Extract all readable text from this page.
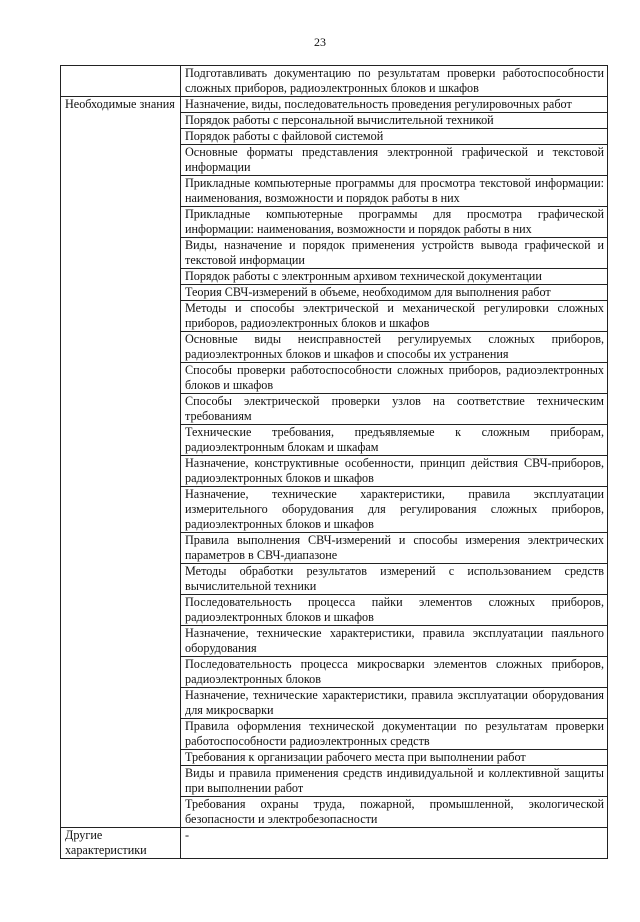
23

	Подготавливать документацию по результатам проверки работоспособности сложных приборов, радиоэлектронных блоков и шкафов

Необходимые знания	Назначение, виды, последовательность проведения регулировочных работ

	Порядок работы с персональной вычислительной техникой

	Порядок работы с файловой системой

	Основные форматы представления электронной графической и текстовой информации

	Прикладные компьютерные программы для просмотра текстовой информации: наименования, возможности и порядок работы в них

	Прикладные компьютерные программы для просмотра графической информации: наименования, возможности и порядок работы в них

	Виды, назначение и порядок применения устройств вывода графической и текстовой информации

	Порядок работы с электронным архивом технической документации

	Теория СВЧ-измерений в объеме, необходимом для выполнения работ

	Методы и способы электрической и механической регулировки сложных приборов, радиоэлектронных блоков и шкафов

	Основные виды неисправностей регулируемых сложных приборов, радиоэлектронных блоков и шкафов и способы их устранения

	Способы проверки работоспособности сложных приборов, радиоэлектронных блоков и шкафов

	Способы электрической проверки узлов на соответствие техническим требованиям

	Технические требования, предъявляемые к сложным приборам, радиоэлектронным блокам и шкафам

	Назначение, конструктивные особенности, принцип действия СВЧ-приборов, радиоэлектронных блоков и шкафов

	Назначение, технические характеристики, правила эксплуатации измерительного оборудования для регулирования сложных приборов, радиоэлектронных блоков и шкафов

	Правила выполнения СВЧ-измерений и способы измерения электрических параметров в СВЧ-диапазоне

	Методы обработки результатов измерений с использованием средств вычислительной техники

	Последовательность процесса пайки элементов сложных приборов, радиоэлектронных блоков и шкафов

	Назначение, технические характеристики, правила эксплуатации паяльного оборудования

	Последовательность процесса микросварки элементов сложных приборов, радиоэлектронных блоков

	Назначение, технические характеристики, правила эксплуатации оборудования для микросварки

	Правила оформления технической документации по результатам проверки работоспособности радиоэлектронных средств

	Требования к организации рабочего места при выполнении работ

	Виды и правила применения средств индивидуальной и коллективной защиты при выполнении работ

	Требования охраны труда, пожарной, промышленной, экологической безопасности и электробезопасности

Другие характеристики	-
